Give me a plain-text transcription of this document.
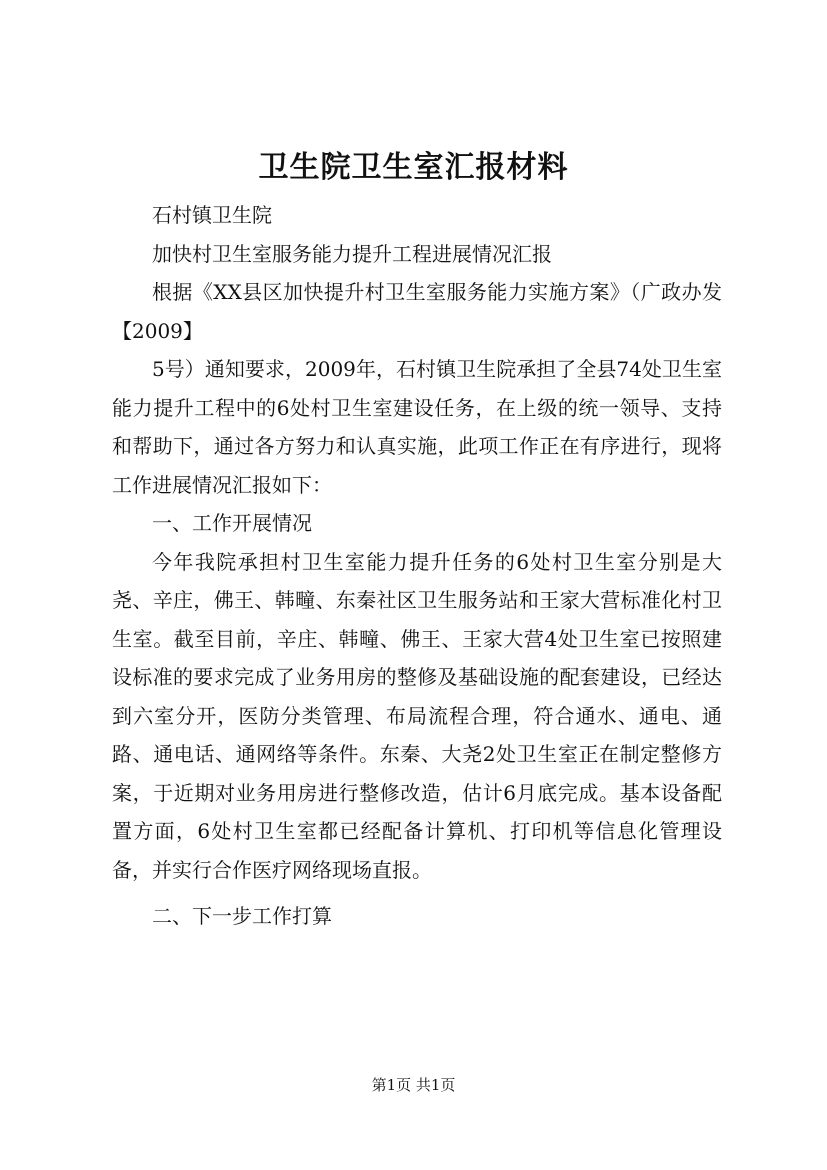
卫生院卫生室汇报材料

石村镇卫生院

加快村卫生室服务能力提升工程进展情况汇报

根据《XX县区加快提升村卫生室服务能力实施方案》（广政办发【2009】

5号）通知要求，2009年，石村镇卫生院承担了全县74处卫生室能力提升工程中的6处村卫生室建设任务，在上级的统一领导、支持和帮助下，通过各方努力和认真实施，此项工作正在有序进行，现将工作进展情况汇报如下：

一、工作开展情况

今年我院承担村卫生室能力提升任务的6处村卫生室分别是大尧、辛庄，佛王、韩疃、东秦社区卫生服务站和王家大营标准化村卫生室。截至目前，辛庄、韩疃、佛王、王家大营4处卫生室已按照建设标准的要求完成了业务用房的整修及基础设施的配套建设，已经达到六室分开，医防分类管理、布局流程合理，符合通水、通电、通路、通电话、通网络等条件。东秦、大尧2处卫生室正在制定整修方案，于近期对业务用房进行整修改造，估计6月底完成。基本设备配置方面，6处村卫生室都已经配备计算机、打印机等信息化管理设备，并实行合作医疗网络现场直报。

二、下一步工作打算

第1页 共1页
